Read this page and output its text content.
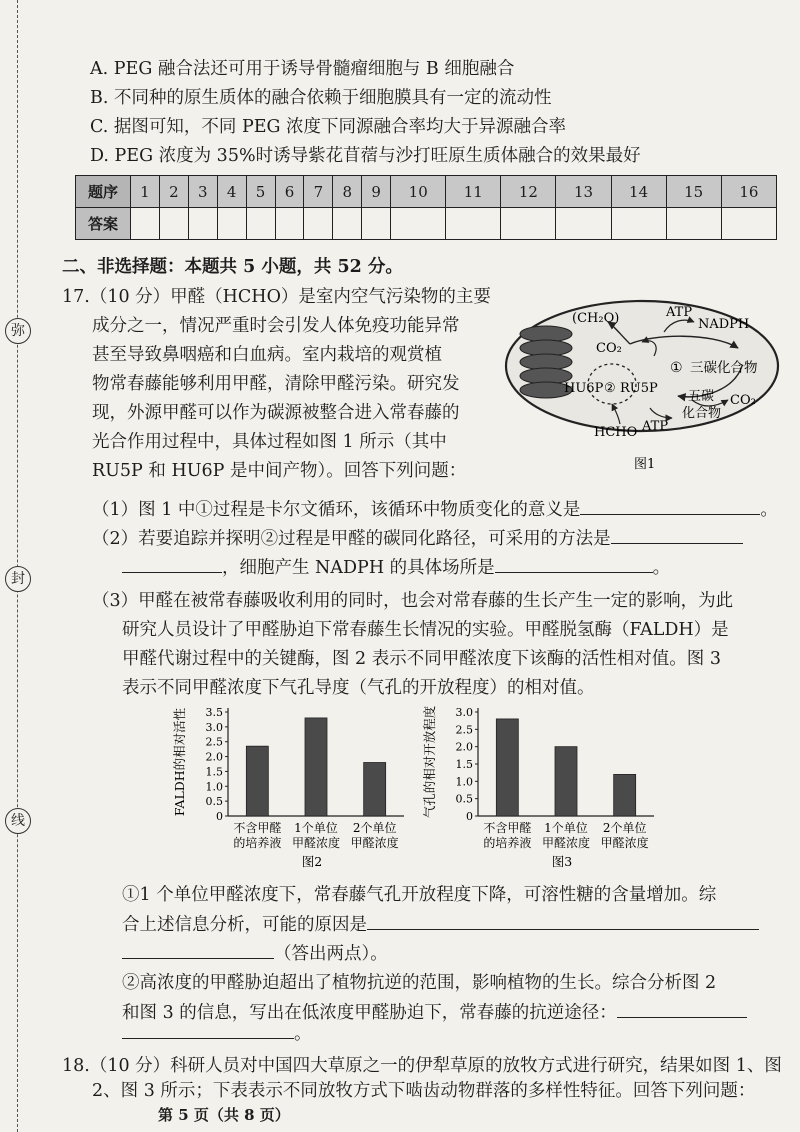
弥
封
线
A. PEG 融合法还可用于诱导骨髓瘤细胞与 B 细胞融合
B. 不同种的原生质体的融合依赖于细胞膜具有一定的流动性
C. 据图可知，不同 PEG 浓度下同源融合率均大于异源融合率
D. PEG 浓度为 35%时诱导紫花苜蓿与沙打旺原生质体融合的效果最好
题序	1	2	3	4	5	6	7	8	9	10	11	12	13	14	15	16
答案																
二、非选择题：本题共 5 小题，共 52 分。
17.（10 分）甲醛（HCHO）是室内空气污染物的主要
成分之一，情况严重时会引发人体免疫功能异常
甚至导致鼻咽癌和白血病。室内栽培的观赏植
物常春藤能够利用甲醛，清除甲醛污染。研究发
现，外源甲醛可以作为碳源被整合进入常春藤的
光合作用过程中，具体过程如图 1 所示（其中
RU5P 和 HU6P 是中间产物）。回答下列问题：
(CH₂O)
CO₂
ATP
NADPH
① 三碳化合物
HU6P ② RU5P
五碳
化合物
CO₂
HCHO ATP
图1
（1）图 1 中①过程是卡尔文循环，该循环中物质变化的意义是	。
（2）若要追踪并探明②过程是甲醛的碳同化路径，可采用的方法是
，细胞产生 NADPH 的具体场所是	。
（3）甲醛在被常春藤吸收利用的同时，也会对常春藤的生长产生一定的影响，为此
研究人员设计了甲醛胁迫下常春藤生长情况的实验。甲醛脱氢酶（FALDH）是
甲醛代谢过程中的关键酶，图 2 表示不同甲醛浓度下该酶的活性相对值。图 3
表示不同甲醛浓度下气孔导度（气孔的开放程度）的相对值。
FALDH的相对活性
0
0.5
1.0
1.5
2.0
2.5
3.0
3.5
不含甲醛
的培养液
1个单位
甲醛浓度
2个单位
甲醛浓度
图2
气孔的相对开放程度	0
0.5
1.0
1.5
2.0
2.5
3.0
不含甲醛
的培养液
1个单位
甲醛浓度
2个单位
甲醛浓度
图3
①1 个单位甲醛浓度下，常春藤气孔开放程度下降，可溶性糖的含量增加。综
合上述信息分析，可能的原因是
（答出两点）。
②高浓度的甲醛胁迫超出了植物抗逆的范围，影响植物的生长。综合分析图 2
和图 3 的信息，写出在低浓度甲醛胁迫下，常春藤的抗逆途径：
。
18.（10 分）科研人员对中国四大草原之一的伊犁草原的放牧方式进行研究，结果如图 1、图
2、图 3 所示；下表表示不同放牧方式下啮齿动物群落的多样性特征。回答下列问题：
第 5 页（共 8 页）
